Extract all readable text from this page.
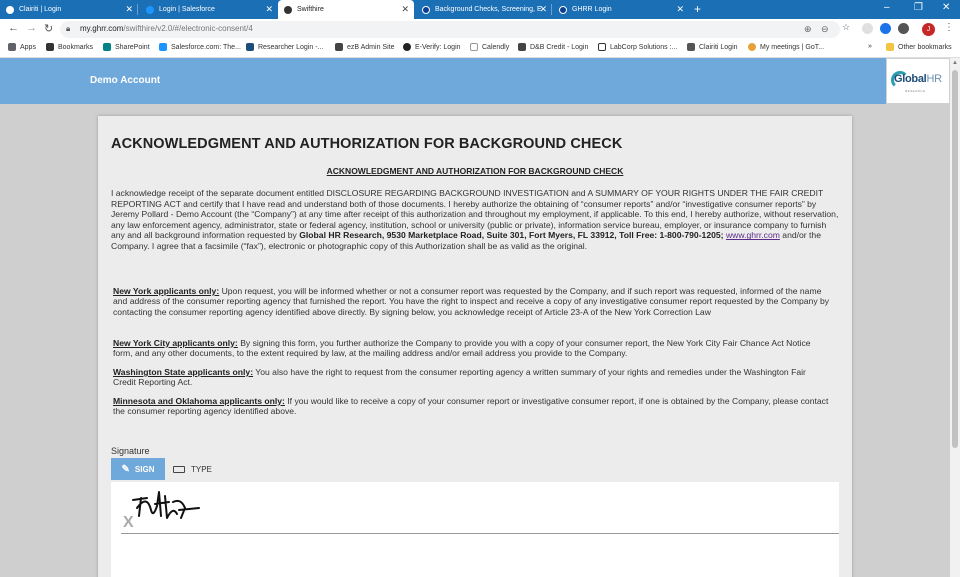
Clairiti | Login	✕	Login | Salesforce	✕	Swifthire	✕	Background Checks, Screening, E
✕	GHRR Login	✕ +	– ❐ ✕
← → ↻ 🔒︎ my.ghrr.com/swifthire/v2.0/#/electronic-consent/4	⊕ ⊖ ☆	J	⋮
Apps	Bookmarks	SharePoint	Salesforce.com: The... Researcher Login -...	ezB Admin Site	E-Verify: Login	Calendly	D&B Credit - Login	LabCorp Solutions :...	Clairiti Login	My meetings | GoT...	»	Other bookmarks
Demo Account	GlobalHR
RESEARCH
▲
ACKNOWLEDGMENT AND AUTHORIZATION FOR BACKGROUND CHECK
ACKNOWLEDGMENT AND AUTHORIZATION FOR BACKGROUND CHECK

I acknowledge receipt of the separate document entitled DISCLOSURE REGARDING BACKGROUND INVESTIGATION and A SUMMARY OF YOUR RIGHTS UNDER THE FAIR CREDIT REPORTING ACT and certify that I have read and understand both of those documents. I hereby authorize the obtaining of “consumer reports” and/or “investigative consumer reports” by Jeremy Pollard - Demo Account (the “Company”) at any time after receipt of this authorization and throughout my employment, if applicable. To this end, I hereby authorize, without reservation, any law enforcement agency, administrator, state or federal agency, institution, school or university (public or private), information service bureau, employer, or insurance company to furnish any and all background information requested by Global HR Research, 9530 Marketplace Road, Suite 301, Fort Myers, FL 33912, Toll Free: 1-800-790-1205; www.ghrr.com and/or the Company. I agree that a facsimile (“fax”), electronic or photographic copy of this Authorization shall be as valid as the original.

New York applicants only: Upon request, you will be informed whether or not a consumer report was requested by the Company, and if such report was requested, informed of the name and address of the consumer reporting agency that furnished the report. You have the right to inspect and receive a copy of any investigative consumer report requested by the Company by contacting the consumer reporting agency identified above directly. By signing below, you acknowledge receipt of Article 23-A of the New York Correction Law

New York City applicants only: By signing this form, you further authorize the Company to provide you with a copy of your consumer report, the New York City Fair Chance Act Notice form, and any other documents, to the extent required by law, at the mailing address and/or email address you provide to the Company.

Washington State applicants only: You also have the right to request from the consumer reporting agency a written summary of your rights and remedies under the Washington Fair Credit Reporting Act.

Minnesota and Oklahoma applicants only: If you would like to receive a copy of your consumer report or investigative consumer report, if one is obtained by the Company, please contact the consumer reporting agency identified above.

Signature
✎ SIGN	TYPE
X
